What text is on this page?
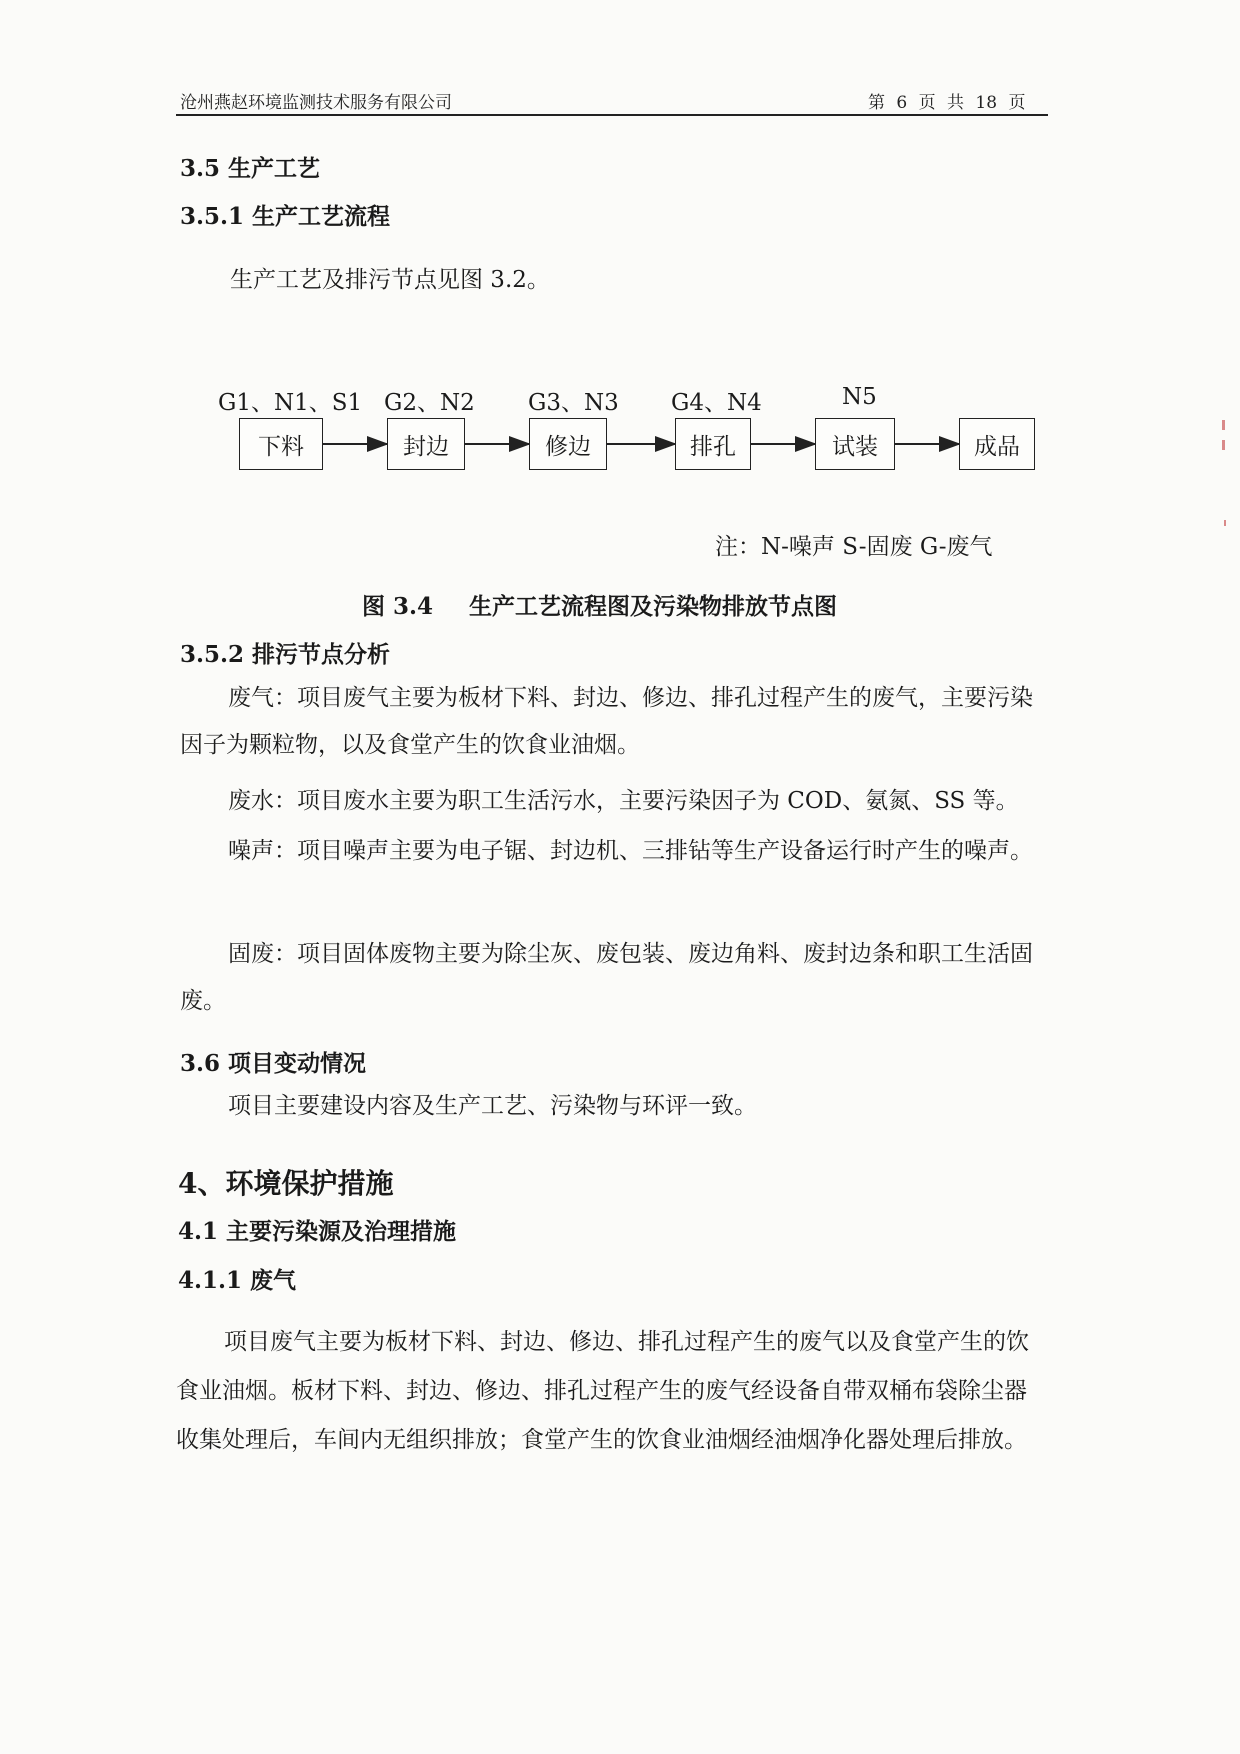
沧州燕赵环境监测技术服务有限公司	第 6 页 共 18 页
3.5 生产工艺
3.5.1 生产工艺流程
生产工艺及排污节点见图 3.2。
G1、N1、S1 G2、N2 G3、N3 G4、N4	N5
下料	封边	修边	排孔	试装	成品
注：N-噪声 S-固废 G-废气
图 3.4 生产工艺流程图及污染物排放节点图
3.5.2 排污节点分析
废气：项目废气主要为板材下料、封边、修边、排孔过程产生的废气，主要污染因子为颗粒物，以及食堂产生的饮食业油烟。
废水：项目废水主要为职工生活污水，主要污染因子为 COD、氨氮、SS 等。
噪声：项目噪声主要为电子锯、封边机、三排钻等生产设备运行时产生的噪声。
固废：项目固体废物主要为除尘灰、废包装、废边角料、废封边条和职工生活固废。
3.6 项目变动情况
项目主要建设内容及生产工艺、污染物与环评一致。
4、环境保护措施
4.1 主要污染源及治理措施
4.1.1 废气
项目废气主要为板材下料、封边、修边、排孔过程产生的废气以及食堂产生的饮食业油烟。板材下料、封边、修边、排孔过程产生的废气经设备自带双桶布袋除尘器收集处理后，车间内无组织排放；食堂产生的饮食业油烟经油烟净化器处理后排放。
